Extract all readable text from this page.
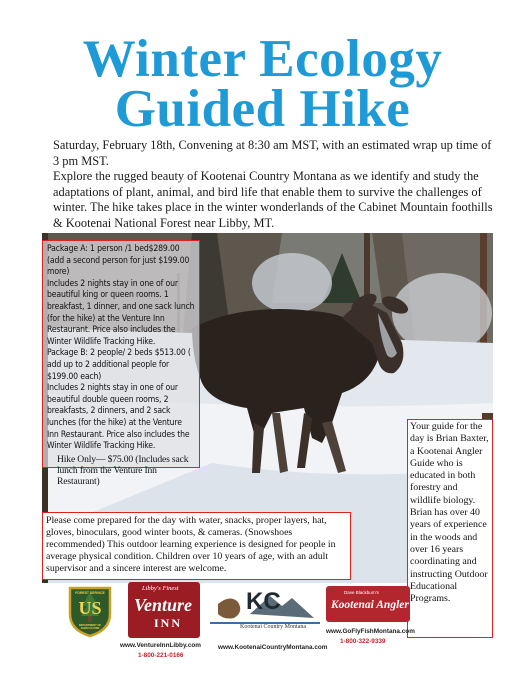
Winter Ecology
Guided Hike

Saturday, February 18th, Convening at 8:30 am MST, with an estimated wrap up time of 3 pm MST.

Explore the rugged beauty of Kootenai Country Montana as we identify and study the adaptations of plant, animal, and bird life that enable them to survive the challenges of winter. The hike takes place in the winter wonderlands of the Cabinet Mountain foothills & Kootenai National Forest near Libby, MT.

Package A: 1 person /1 bed$289.00 (add a second person for just $199.00 more)

Includes 2 nights stay in one of our beautiful king or queen rooms. 1 breakfast, 1 dinner, and one sack lunch (for the hike) at the Venture Inn Restaurant. Price also includes the Winter Wildlife Tracking Hike.

Package B: 2 people/ 2 beds $513.00 ( add up to 2 additional people for $199.00 each)

Includes 2 nights stay in one of our beautiful double queen rooms, 2 breakfasts, 2 dinners, and 2 sack lunches (for the hike) at the Venture Inn Restaurant. Price also includes the Winter Wildlife Tracking Hike.

Hike Only— $75.00 (Includes sack lunch from the Venture Inn Restaurant)

Please come prepared for the day with water, snacks, proper layers, hat, gloves, binoculars, good winter boots, & cameras. (Snowshoes recommended) This outdoor learning experience is designed for people in average physical condition. Children over 10 years of age, with an adult supervisor and a sincere interest are welcome.
Your guide for the day is Brian Baxter, a Kootenai Angler Guide who is educated in both forestry and wildlife biology. Brian has over 40 years of experience in the woods and over 16 years coordinating and instructing Outdoor Educational Programs.
FOREST SERVICE
US
DEPARTMENT OF AGRICULTURE
Libby's Finest
Venture
INN
www.VentureInnLibby.com
1-800-221-0166
KC
Kootenai Country Montana
www.KootenaiCountryMontana.com
Dave Blackburn's
Kootenai Angler
www.GoFlyFishMontana.com
1-800-322-9339
